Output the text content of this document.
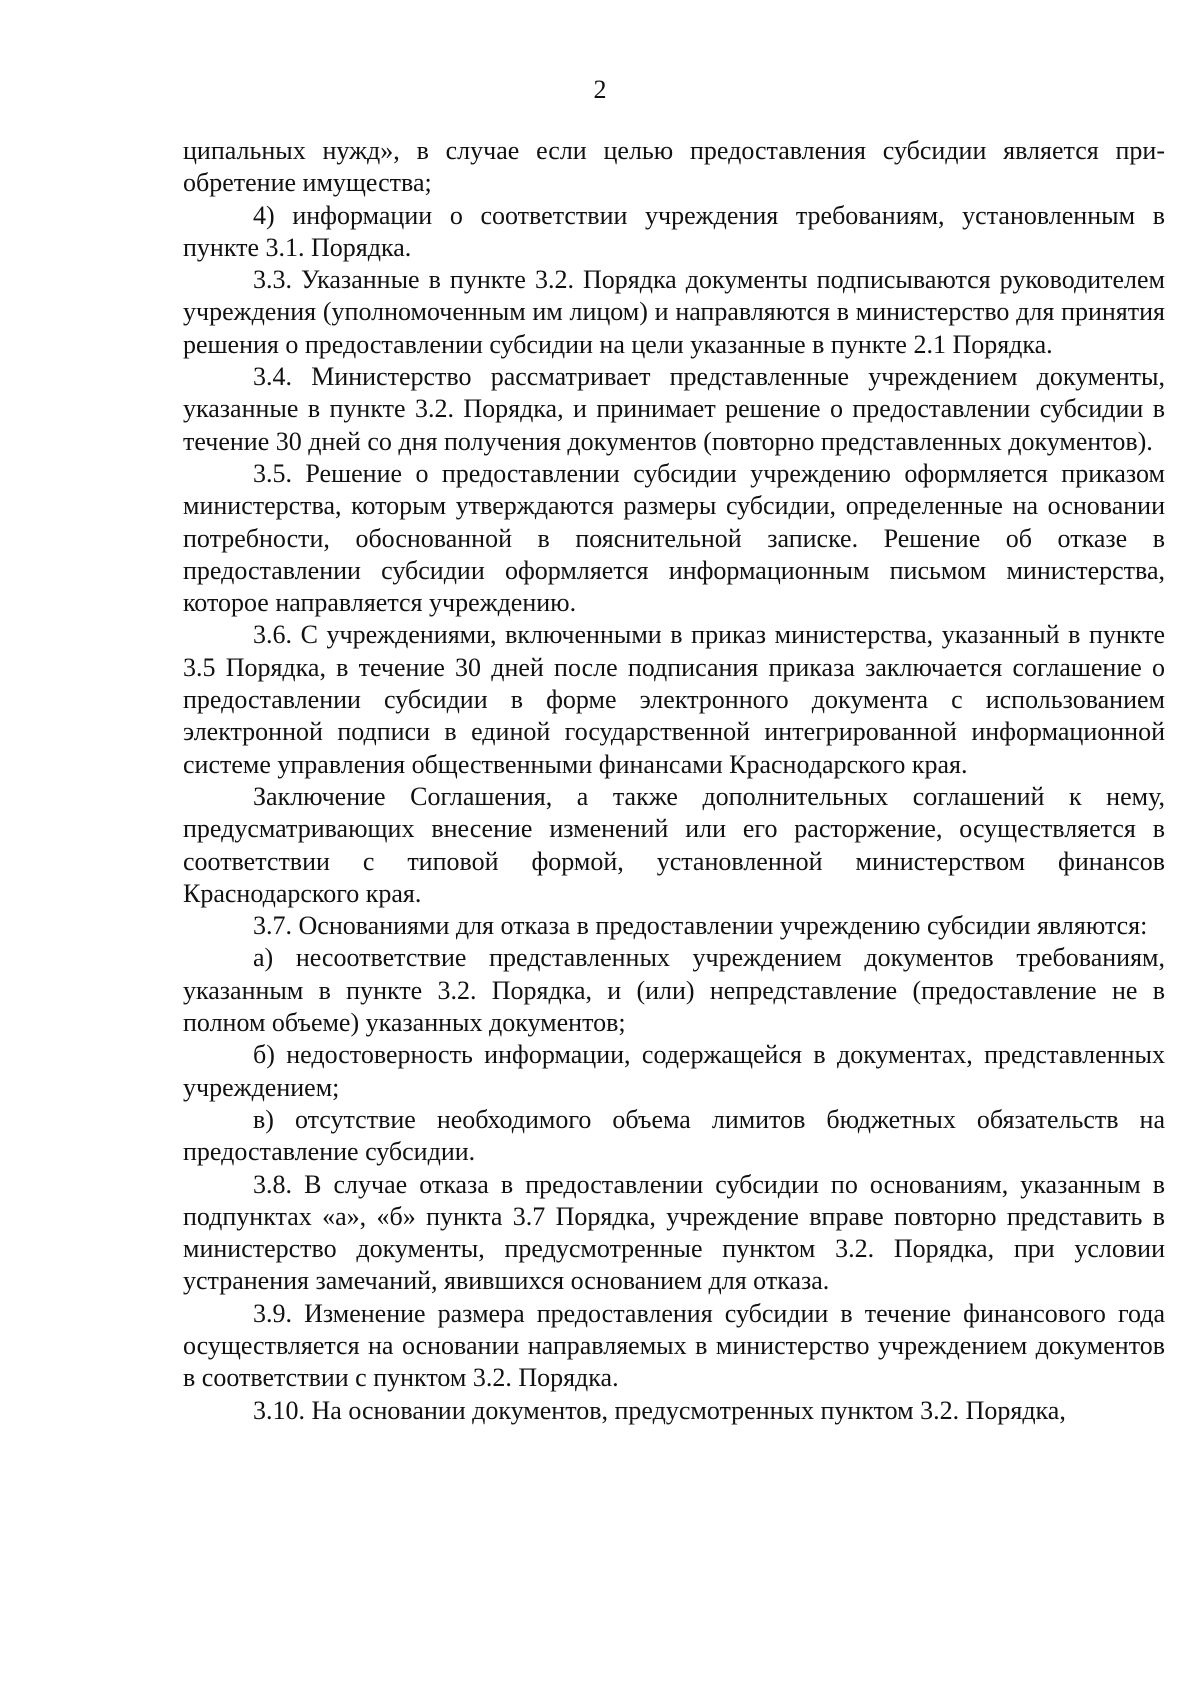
2

ципальных нужд», в случае если целью предоставления субсидии является приобретение имущества;

4) информации о соответствии учреждения требованиям, установленным в пункте 3.1. Порядка.

3.3. Указанные в пункте 3.2. Порядка документы подписываются руководителем учреждения (уполномоченным им лицом) и направляются в министерство для принятия решения о предоставлении субсидии на цели указанные в пункте 2.1 Порядка.

3.4. Министерство рассматривает представленные учреждением документы, указанные в пункте 3.2. Порядка, и принимает решение о предоставлении субсидии в течение 30 дней со дня получения документов (повторно представленных документов).

3.5. Решение о предоставлении субсидии учреждению оформляется приказом министерства, которым утверждаются размеры субсидии, определенные на основании потребности, обоснованной в пояснительной записке. Решение об отказе в предоставлении субсидии оформляется информационным письмом министерства, которое направляется учреждению.

3.6. С учреждениями, включенными в приказ министерства, указанный в пункте 3.5 Порядка, в течение 30 дней после подписания приказа заключается соглашение о предоставлении субсидии в форме электронного документа с использованием электронной подписи в единой государственной интегрированной информационной системе управления общественными финансами Краснодарского края.

Заключение Соглашения, а также дополнительных соглашений к нему, предусматривающих внесение изменений или его расторжение, осуществляется в соответствии с типовой формой, установленной министерством финансов Краснодарского края.

3.7. Основаниями для отказа в предоставлении учреждению субсидии являются:

а) несоответствие представленных учреждением документов требованиям, указанным в пункте 3.2. Порядка, и (или) непредставление (предоставление не в полном объеме) указанных документов;

б) недостоверность информации, содержащейся в документах, представленных учреждением;

в) отсутствие необходимого объема лимитов бюджетных обязательств на предоставление субсидии.

3.8. В случае отказа в предоставлении субсидии по основаниям, указанным в подпунктах «а», «б» пункта 3.7 Порядка, учреждение вправе повторно представить в министерство документы, предусмотренные пунктом 3.2. Порядка, при условии устранения замечаний, явившихся основанием для отказа.

3.9. Изменение размера предоставления субсидии в течение финансового года осуществляется на основании направляемых в министерство учреждением документов в соответствии с пунктом 3.2. Порядка.

3.10. На основании документов, предусмотренных пунктом 3.2. Порядка,
